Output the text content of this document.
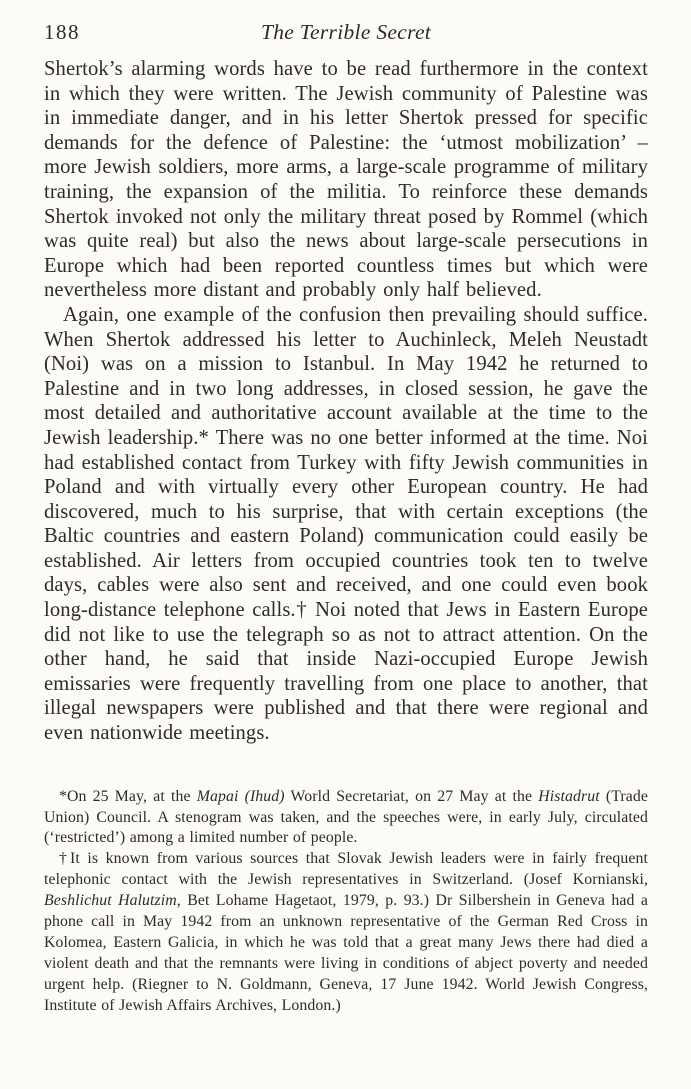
188	The Terrible Secret

Shertok’s alarming words have to be read furthermore in the context in which they were written. The Jewish community of Palestine was in immediate danger, and in his letter Shertok pressed for specific demands for the defence of Palestine: the ‘utmost mobilization’ – more Jewish soldiers, more arms, a large-scale programme of military training, the expansion of the militia. To reinforce these demands Shertok invoked not only the military threat posed by Rommel (which was quite real) but also the news about large-scale persecutions in Europe which had been reported countless times but which were nevertheless more distant and probably only half believed.

Again, one example of the confusion then prevailing should suffice. When Shertok addressed his letter to Auchinleck, Meleh Neustadt (Noi) was on a mission to Istanbul. In May 1942 he returned to Palestine and in two long addresses, in closed session, he gave the most detailed and authoritative account available at the time to the Jewish leadership.* There was no one better informed at the time. Noi had established contact from Turkey with fifty Jewish communities in Poland and with virtually every other European country. He had discovered, much to his surprise, that with certain exceptions (the Baltic countries and eastern Poland) communication could easily be established. Air letters from occupied countries took ten to twelve days, cables were also sent and received, and one could even book long-distance telephone calls.† Noi noted that Jews in Eastern Europe did not like to use the telegraph so as not to attract attention. On the other hand, he said that inside Nazi-occupied Europe Jewish emissaries were frequently travelling from one place to another, that illegal newspapers were published and that there were regional and even nationwide meetings.

*On 25 May, at the Mapai (Ihud) World Secretariat, on 27 May at the Histadrut (Trade Union) Council. A stenogram was taken, and the speeches were, in early July, circulated (‘restricted’) among a limited number of people.

†It is known from various sources that Slovak Jewish leaders were in fairly frequent telephonic contact with the Jewish representatives in Switzerland. (Josef Kornianski, Beshlichut Halutzim, Bet Lohame Hagetaot, 1979, p. 93.) Dr Silbershein in Geneva had a phone call in May 1942 from an unknown representative of the German Red Cross in Kolomea, Eastern Galicia, in which he was told that a great many Jews there had died a violent death and that the remnants were living in conditions of abject poverty and needed urgent help. (Riegner to N. Goldmann, Geneva, 17 June 1942. World Jewish Congress, Institute of Jewish Affairs Archives, London.)
